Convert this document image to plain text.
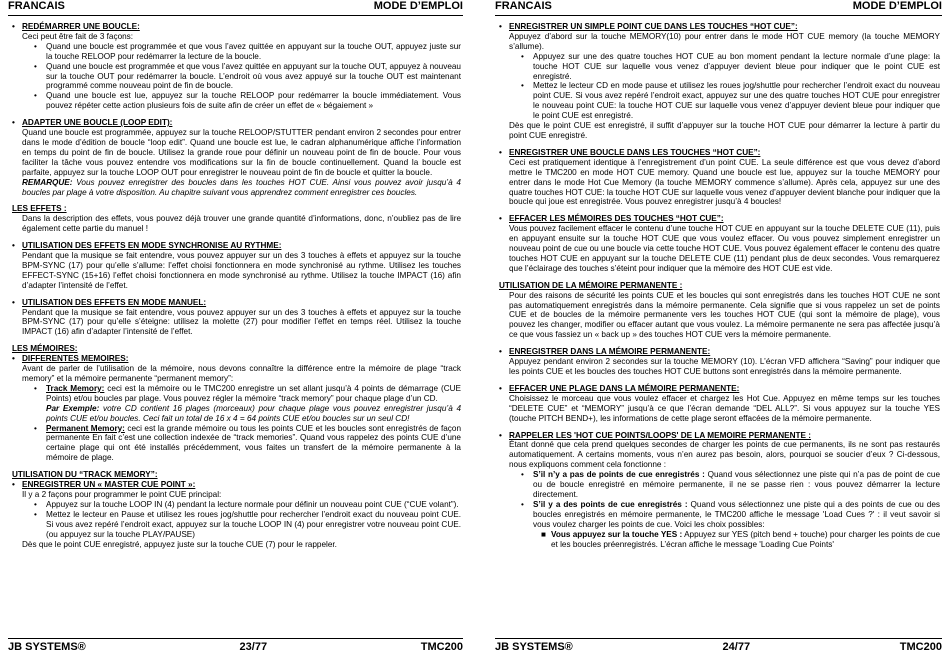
FRANCAIS	MODE D’EMPLOI
• REDÉMARRER UNE BOUCLE:
Ceci peut être fait de 3 façons:
•	Quand une boucle est programmée et que vous l’avez quittée en appuyant sur la touche OUT, appuyez juste sur la touche RELOOP pour redémarrer la lecture de la boucle.
•	Quand une boucle est programmée et que vous l’avez quittée en appuyant sur la touche OUT, appuyez à nouveau sur la touche OUT pour redémarrer la boucle. L’endroit où vous avez appuyé sur la touche OUT est maintenant programmé comme nouveau point de fin de boucle.
•	Quand une boucle est lue, appuyez sur la touche RELOOP pour redémarrer la boucle immédiatement. Vous pouvez répéter cette action plusieurs fois de suite afin de créer un effet de « bégaiement »
• ADAPTER UNE BOUCLE (LOOP EDIT):
Quand une boucle est programmée, appuyez sur la touche RELOOP/STUTTER pendant environ 2 secondes pour entrer dans le mode d’édition de boucle “loop edit”. Quand une boucle est lue, le cadran alphanumérique affiche l’information en temps du point de fin de boucle. Utilisez la grande roue pour définir un nouveau point de fin de boucle. Pour vous faciliter la tâche vous pouvez entendre vos modifications sur la fin de boucle continuellement. Quand la boucle est parfaite, appuyez sur la touche LOOP OUT pour enregistrer le nouveau point de fin de boucle et quitter la boucle.
REMARQUE: Vous pouvez enregistrer des boucles dans les touches HOT CUE. Ainsi vous pouvez avoir jusqu’à 4 boucles par plage à votre disposition. Au chapitre suivant vous apprendrez comment enregistrer ces boucles.
LES EFFETS :
Dans la description des effets, vous pouvez déjà trouver une grande quantité d’informations, donc, n’oubliez pas de lire également cette partie du manuel !
• UTILISATION DES EFFETS EN MODE SYNCHRONISE AU RYTHME:
Pendant que la musique se fait entendre, vous pouvez appuyer sur un des 3 touches à effets et appuyez sur la touche BPM-SYNC (17) pour qu’elle s’allume: l’effet choisi fonctionnera en mode synchronisé au rythme. Utilisez les touches EFFECT-SYNC (15+16) l’effet choisi fonctionnera en mode synchronisé au rythme. Utilisez la touche IMPACT (16) afin d’adapter l’intensité de l’effet.
• UTILISATION DES EFFETS EN MODE MANUEL:
Pendant que la musique se fait entendre, vous pouvez appuyer sur un des 3 touches à effets et appuyez sur la touche BPM-SYNC (17) pour qu’elle s’éteigne: utilisez la molette (27) pour modifier l’effet en temps réel. Utilisez la touche IMPACT (16) afin d’adapter l’intensité de l’effet.
LES MÉMOIRES:
• DIFFERENTES MEMOIRES:
Avant de parler de l’utilisation de la mémoire, nous devons connaître la différence entre la mémoire de plage “track memory” et la mémoire permanente “permanent memory”:
•	Track Memory: ceci est la mémoire ou le TMC200 enregistre un set allant jusqu’à 4 points de démarrage (CUE Points) et/ou boucles par plage. Vous pouvez régler la mémoire “track memory” pour chaque plage d’un CD.
Par Exemple: votre CD contient 16 plages (morceaux) pour chaque plage vous pouvez enregistrer jusqu’à 4 points CUE et/ou boucles. Ceci fait un total de 16 x 4 = 64 points CUE et/ou boucles sur un seul CD!
•	Permanent Memory: ceci est la grande mémoire ou tous les points CUE et les boucles sont enregistrés de façon permanente En fait c’est une collection indexée de “track memories”. Quand vous rappelez des points CUE d’une certaine plage qui ont été installés précédemment, vous faites un transfert de la mémoire permanente à la mémoire de plage.
UTILISATION DU “TRACK MEMORY”:
• ENREGISTRER UN « MASTER CUE POINT »:
Il y a 2 façons pour programmer le point CUE principal:
•	Appuyez sur la touche LOOP IN (4) pendant la lecture normale pour définir un nouveau point CUE (“CUE volant”).
•	Mettez le lecteur en Pause et utilisez les roues jog/shuttle pour rechercher l’endroit exact du nouveau point CUE. Si vous avez repéré l’endroit exact, appuyez sur la touche LOOP IN (4) pour enregistrer votre nouveau point CUE. (ou appuyez sur la touche PLAY/PAUSE)
Dès que le point CUE enregistré, appuyez juste sur la touche CUE (7) pour le rappeler.
JB SYSTEMS®	23/77	TMC200
FRANCAIS	MODE D’EMPLOI
• ENREGISTRER UN SIMPLE POINT CUE DANS LES TOUCHES “HOT CUE”:
Appuyez d’abord sur la touche MEMORY(10) pour entrer dans le mode HOT CUE memory (la touche MEMORY s’allume).
•	Appuyez sur une des quatre touches HOT CUE au bon moment pendant la lecture normale d’une plage: la touche HOT CUE sur laquelle vous venez d’appuyer devient bleue pour indiquer que le point CUE est enregistré.
•	Mettez le lecteur CD en mode pause et utilisez les roues jog/shuttle pour rechercher l’endroit exact du nouveau point CUE. Si vous avez repéré l’endroit exact, appuyez sur une des quatre touches HOT CUE pour enregistrer le nouveau point CUE: la touche HOT CUE sur laquelle vous venez d’appuyer devient bleue pour indiquer que le point CUE est enregistré.
Dès que le point CUE est enregistré, il suffit d’appuyer sur la touche HOT CUE pour démarrer la lecture à partir du point CUE enregistré.
• ENREGISTRER UNE BOUCLE DANS LES TOUCHES “HOT CUE”:
Ceci est pratiquement identique à l’enregistrement d’un point CUE. La seule différence est que vous devez d’abord mettre le TMC200 en mode HOT CUE memory. Quand une boucle est lue, appuyez sur la touche MEMORY pour entrer dans le mode Hot Cue Memory (la touche MEMORY commence s’allume). Après cela, appuyez sur une des quatre touches HOT CUE: la touche HOT CUE sur laquelle vous venez d’appuyer devient blanche pour indiquer que la boucle qui joue est enregistrée. Vous pouvez enregistrer jusqu’à 4 boucles!
• EFFACER LES MÉMOIRES DES TOUCHES “HOT CUE”:
Vous pouvez facilement effacer le contenu d’une touche HOT CUE en appuyant sur la touche DELETE CUE (11), puis en appuyant ensuite sur la touche HOT CUE que vous voulez effacer. Ou vous pouvez simplement enregistrer un nouveau point de cue ou une boucle via cette touche HOT CUE. Vous pouvez également effacer le contenu des quatre touches HOT CUE en appuyant sur la touche DELETE CUE (11) pendant plus de deux secondes. Vous remarquerez que l’éclairage des touches s’éteint pour indiquer que la mémoire des HOT CUE est vide.
UTILISATION DE LA MÉMOIRE PERMANENTE :
Pour des raisons de sécurité les points CUE et les boucles qui sont enregistrés dans les touches HOT CUE ne sont pas automatiquement enregistrés dans la mémoire permanente. Cela signifie que si vous rappelez un set de points CUE et de boucles de la mémoire permanente vers les touches HOT CUE (qui sont la mémoire de plage), vous pouvez les changer, modifier ou effacer autant que vous voulez. La mémoire permanente ne sera pas affectée jusqu’à ce que vous fassiez un « back up » des touches HOT CUE vers la mémoire permanente.
• ENREGISTRER DANS LA MÉMOIRE PERMANENTE:
Appuyez pendant environ 2 secondes sur la touche MEMORY (10). L’écran VFD affichera “Saving” pour indiquer que les points CUE et les boucles des touches HOT CUE buttons sont enregistrés dans la mémoire permanente.
• EFFACER UNE PLAGE DANS LA MÉMOIRE PERMANENTE:
Choisissez le morceau que vous voulez effacer et chargez les Hot Cue. Appuyez en même temps sur les touches “DELETE CUE” et “MEMORY” jusqu’à ce que l’écran demande “DEL ALL?”. Si vous appuyez sur la touche YES (touche PITCH BEND+), les informations de cette plage seront effacées de la mémoire permanente.
• RAPPELER LES 'HOT CUE POINTS/LOOPS' DE LA MEMOIRE PERMANENTE :
Étant donné que cela prend quelques secondes de charger les points de cue permanents, ils ne sont pas restaurés automatiquement. A certains moments, vous n’en aurez pas besoin, alors, pourquoi se soucier d’eux ? Ci-dessous, nous expliquons comment cela fonctionne :
•	S’il n’y a pas de points de cue enregistrés : Quand vous sélectionnez une piste qui n’a pas de point de cue ou de boucle enregistré en mémoire permanente, il ne se passe rien : vous pouvez démarrer la lecture directement.
•	S’il y a des points de cue enregistrés : Quand vous sélectionnez une piste qui a des points de cue ou des boucles enregistrés en mémoire permanente, le TMC200 affiche le message 'Load Cues ?' : il veut savoir si vous voulez charger les points de cue. Voici les choix possibles:
■ Vous appuyez sur la touche YES : Appuyez sur YES (pitch bend + touche) pour charger les points de cue et les boucles préenregistrés. L’écran affiche le message 'Loading Cue Points'
JB SYSTEMS®	24/77	TMC200
